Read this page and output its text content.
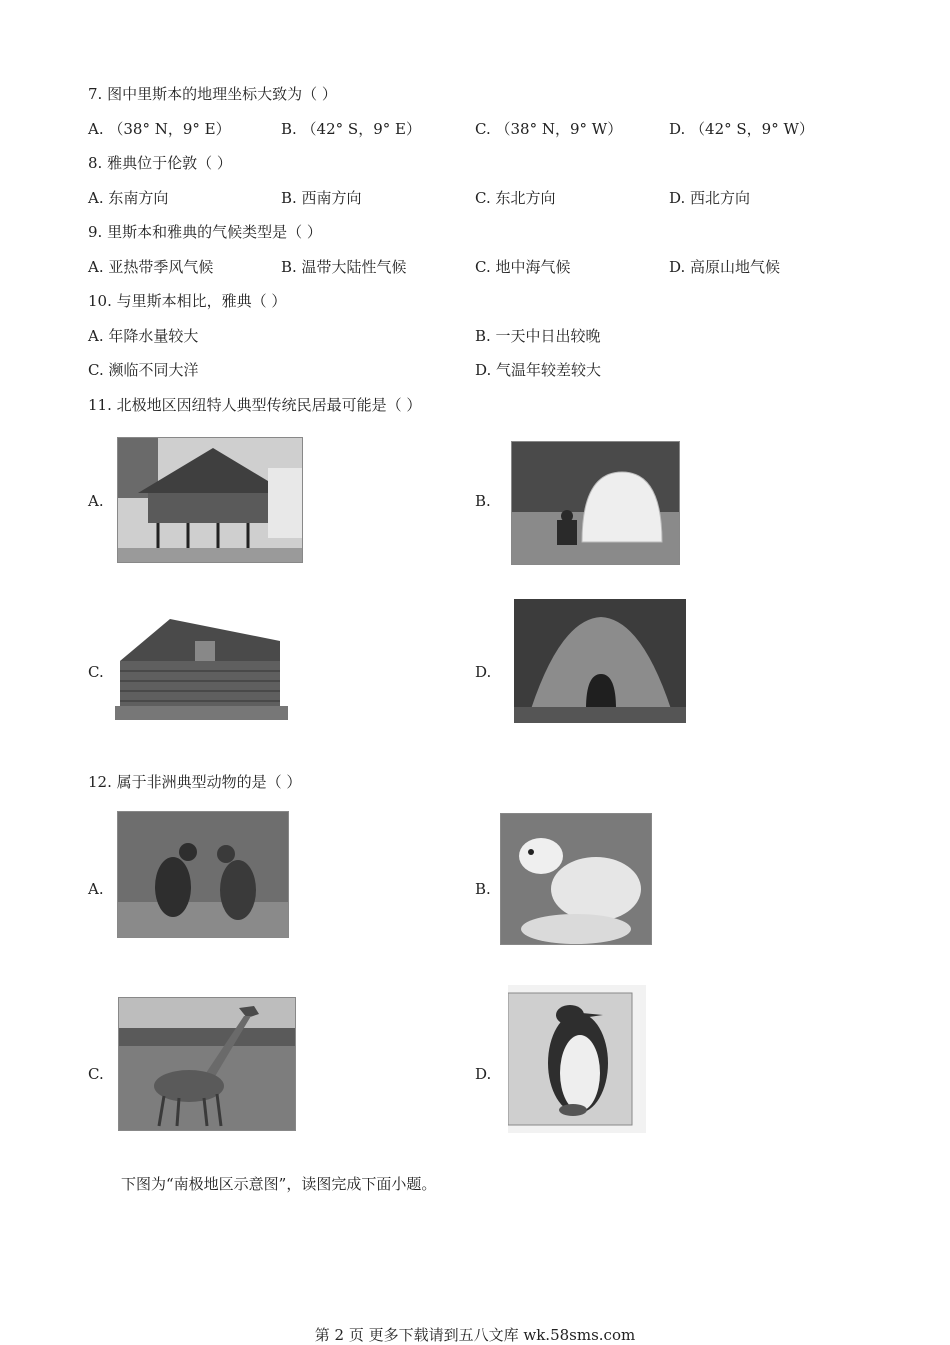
7. 图中里斯本的地理坐标大致为（ ）
A. （38° N，9° E）	B. （42° S，9° E）	C. （38° N，9° W）	D. （42° S，9° W）
8. 雅典位于伦敦（ ）
A. 东南方向	B. 西南方向	C. 东北方向	D. 西北方向
9. 里斯本和雅典的气候类型是（ ）
A. 亚热带季风气候	B. 温带大陆性气候	C. 地中海气候	D. 高原山地气候
10. 与里斯本相比，雅典（ ）
A. 年降水量较大	B. 一天中日出较晚
C. 濒临不同大洋	D. 气温年较差较大
11. 北极地区因纽特人典型传统民居最可能是（ ）
A.	B.
C.	D.
12. 属于非洲典型动物的是（ ）
A.	B.
C.	D.
下图为“南极地区示意图”，读图完成下面小题。
第 2 页 更多下载请到五八文库 wk.58sms.com
